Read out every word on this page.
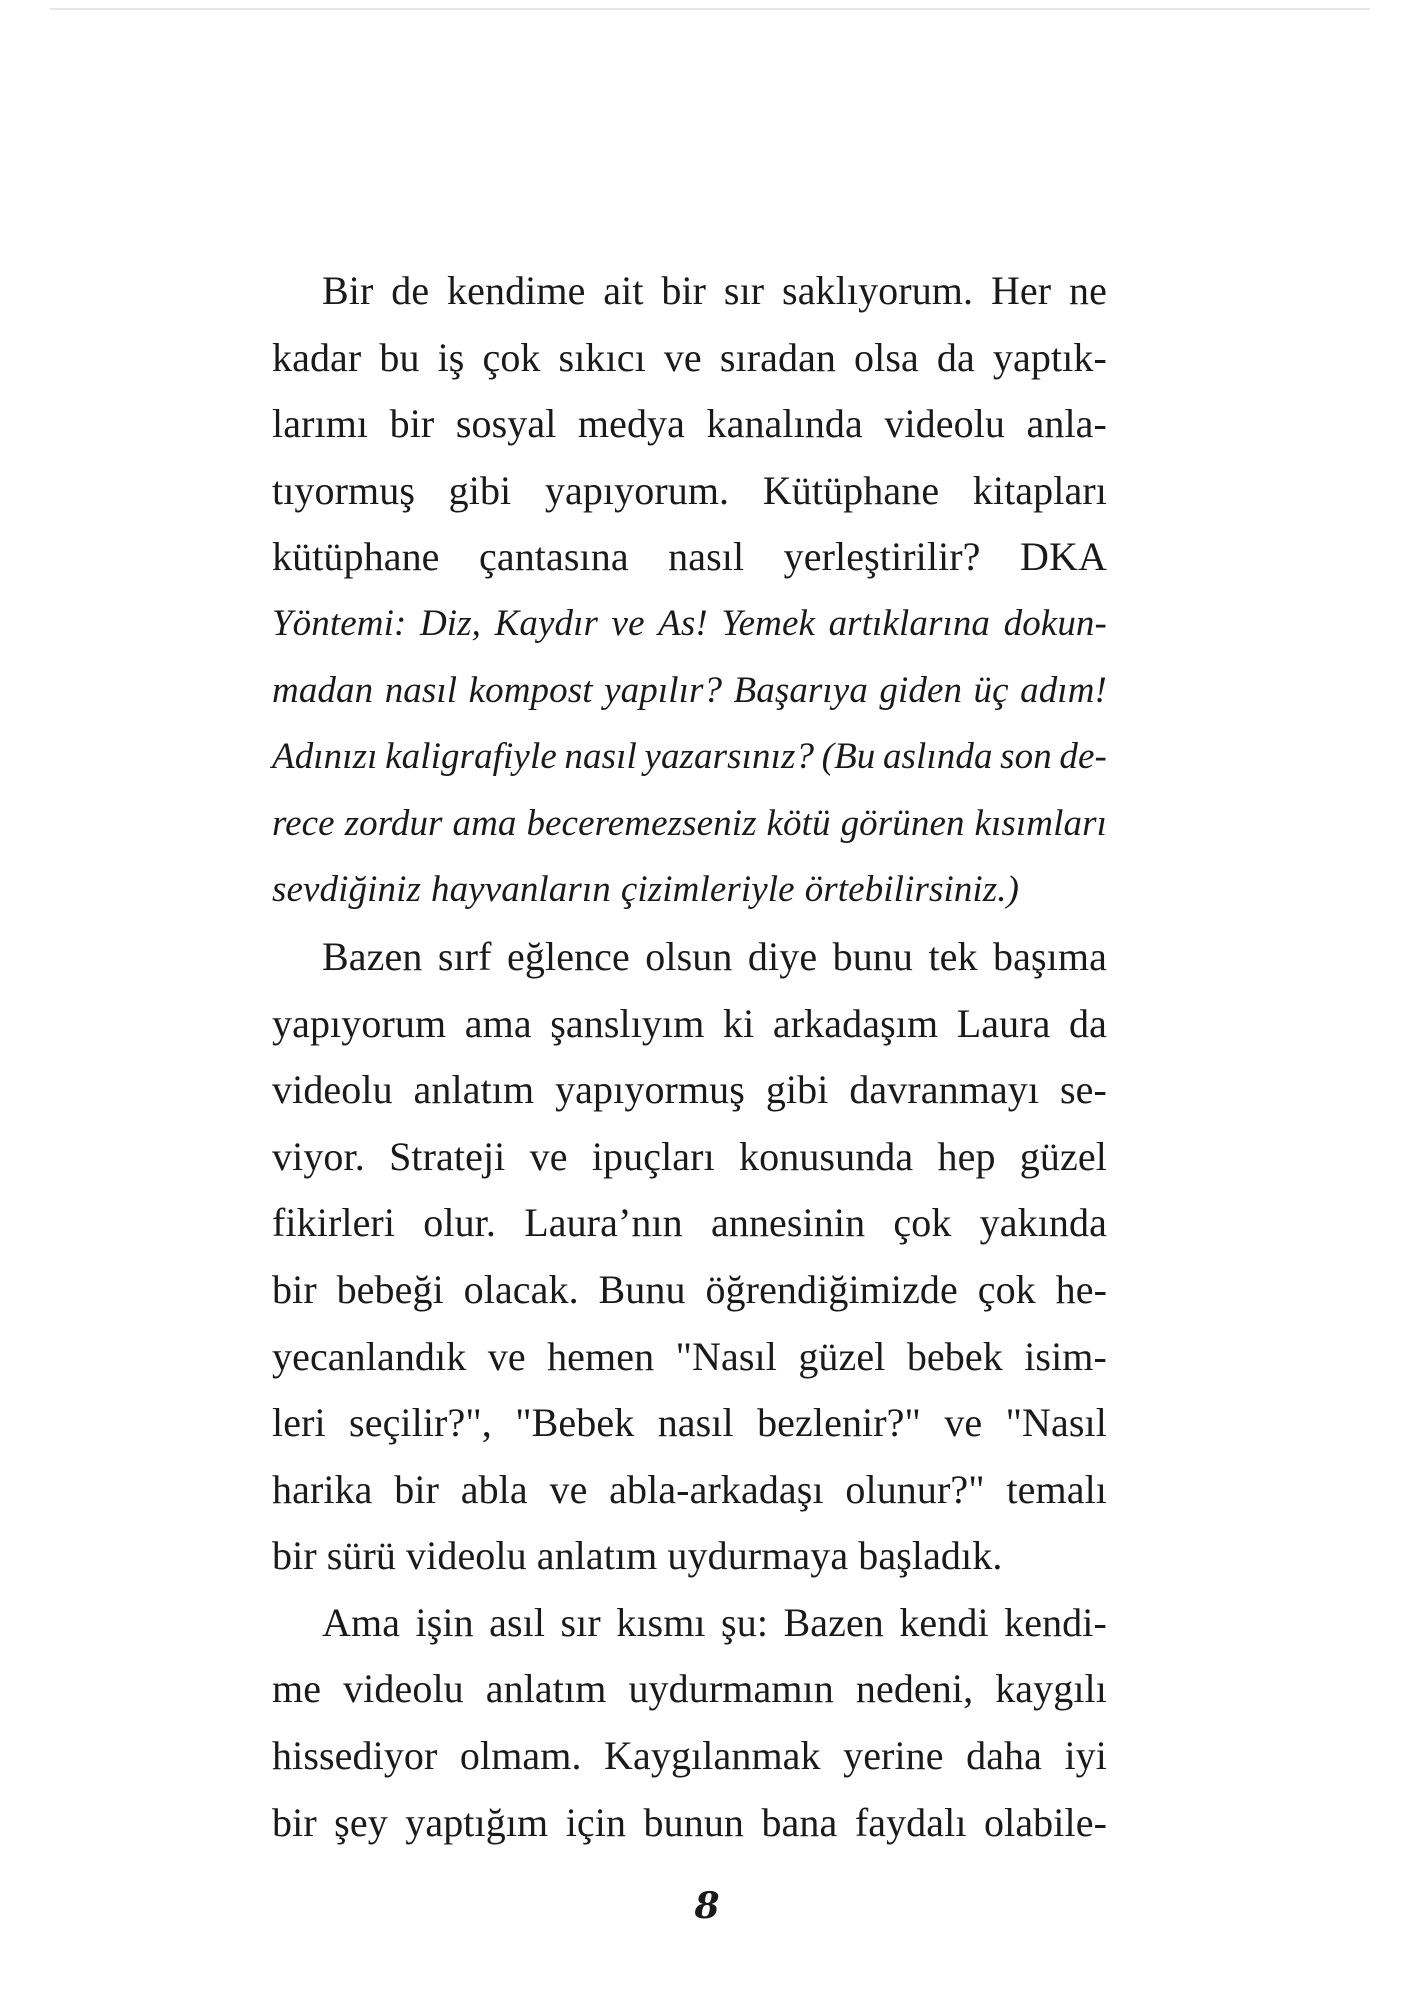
Bir de kendime ait bir sır saklıyorum. Her ne
kadar bu iş çok sıkıcı ve sıradan olsa da yaptık-
larımı bir sosyal medya kanalında videolu anla-
tıyormuş gibi yapıyorum. Kütüphane kitapları
kütüphane çantasına nasıl yerleştirilir? DKA
Yöntemi: Diz, Kaydır ve As! Yemek artıklarına dokun-
madan nasıl kompost yapılır? Başarıya giden üç adım!
Adınızı kaligrafiyle nasıl yazarsınız? (Bu aslında son de-
rece zordur ama beceremezseniz kötü görünen kısımları
sevdiğiniz hayvanların çizimleriyle örtebilirsiniz.)
Bazen sırf eğlence olsun diye bunu tek başıma
yapıyorum ama şanslıyım ki arkadaşım Laura da
videolu anlatım yapıyormuş gibi davranmayı se-
viyor. Strateji ve ipuçları konusunda hep güzel
fikirleri olur. Laura’nın annesinin çok yakında
bir bebeği olacak. Bunu öğrendiğimizde çok he-
yecanlandık ve hemen "Nasıl güzel bebek isim-
leri seçilir?", "Bebek nasıl bezlenir?" ve "Nasıl
harika bir abla ve abla-arkadaşı olunur?" temalı
bir sürü videolu anlatım uydurmaya başladık.
Ama işin asıl sır kısmı şu: Bazen kendi kendi-
me videolu anlatım uydurmamın nedeni, kaygılı
hissediyor olmam. Kaygılanmak yerine daha iyi
bir şey yaptığım için bunun bana faydalı olabile-
8
